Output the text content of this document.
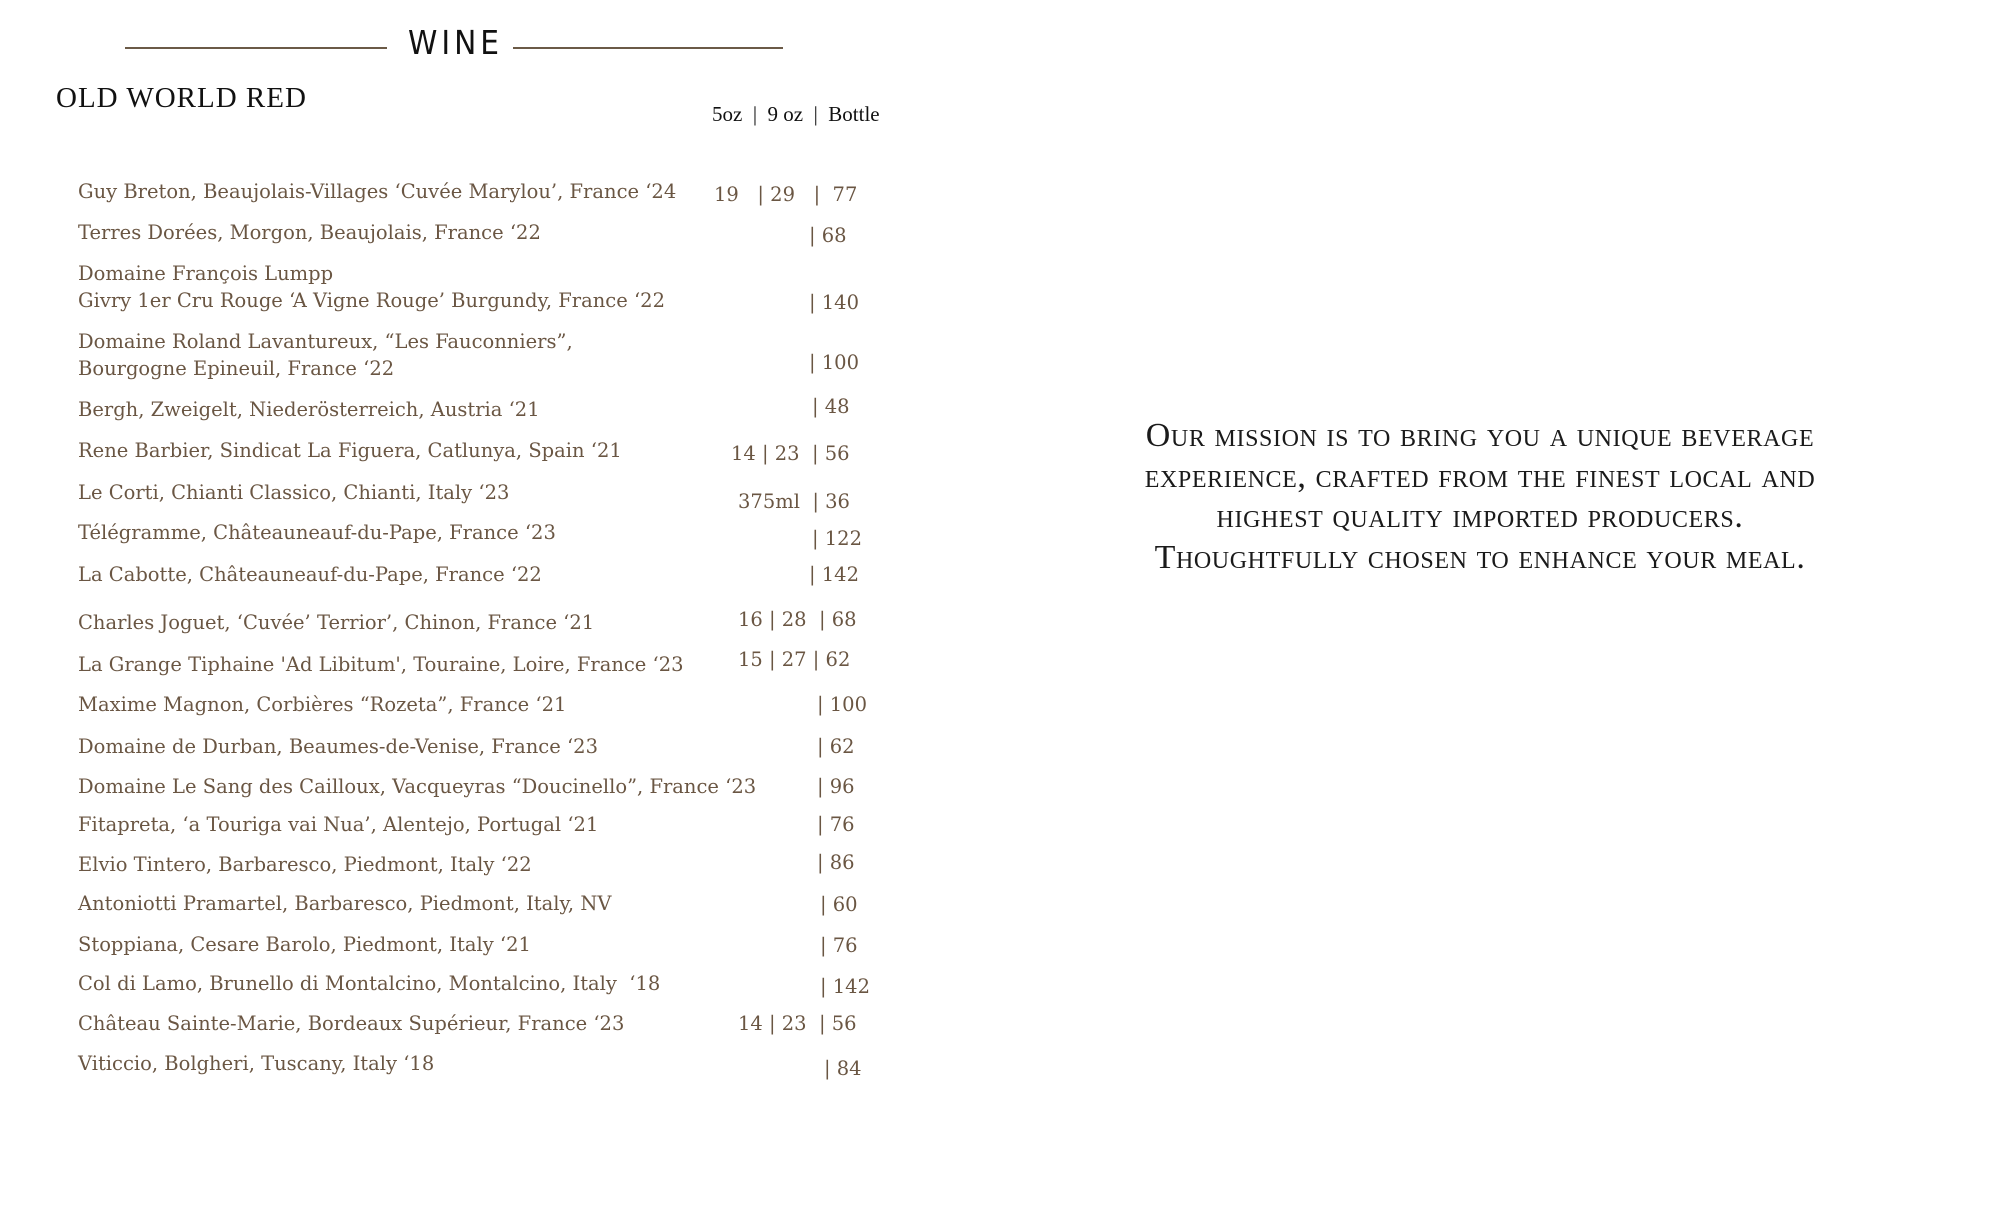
WINE
OLD WORLD RED	5oz  |  9 oz  |  Bottle
Guy Breton, Beaujolais-Villages ‘Cuvée Marylou’, France ‘24 19   | 29   |  77
Terres Dorées, Morgon, Beaujolais, France ‘22	| 68
Domaine François Lumpp
Givry 1er Cru Rouge ‘A Vigne Rouge’ Burgundy, France ‘22	| 140
Domaine Roland Lavantureux, “Les Fauconniers”,
Bourgogne Epineuil, France ‘22	| 100
Bergh, Zweigelt, Niederösterreich, Austria ‘21	| 48
Rene Barbier, Sindicat La Figuera, Catlunya, Spain ‘21	14 | 23  | 56
Le Corti, Chianti Classico, Chianti, Italy ‘23	375ml  | 36
Télégramme, Châteauneauf-du-Pape, France ‘23	| 122
La Cabotte, Châteauneauf-du-Pape, France ‘22	| 142
Charles Joguet, ‘Cuvée’ Terrior’, Chinon, France ‘21	16 | 28  | 68
La Grange Tiphaine 'Ad Libitum', Touraine, Loire, France ‘23	15 | 27 | 62
Maxime Magnon, Corbières “Rozeta”, France ‘21	| 100
Domaine de Durban, Beaumes-de-Venise, France ‘23	| 62
Domaine Le Sang des Cailloux, Vacqueyras “Doucinello”, France ‘23	| 96
Fitapreta, ‘a Touriga vai Nua’, Alentejo, Portugal ‘21	| 76
Elvio Tintero, Barbaresco, Piedmont, Italy ‘22	| 86
Antoniotti Pramartel, Barbaresco, Piedmont, Italy, NV	| 60
Stoppiana, Cesare Barolo, Piedmont, Italy ‘21	| 76
Col di Lamo, Brunello di Montalcino, Montalcino, Italy  ‘18	| 142
Château Sainte-Marie, Bordeaux Supérieur, France ‘23	14 | 23  | 56
Viticcio, Bolgheri, Tuscany, Italy ‘18	| 84
Our mission is to bring you a unique beverage experience, crafted from the finest local and highest quality imported producers. Thoughtfully chosen to enhance your meal.
